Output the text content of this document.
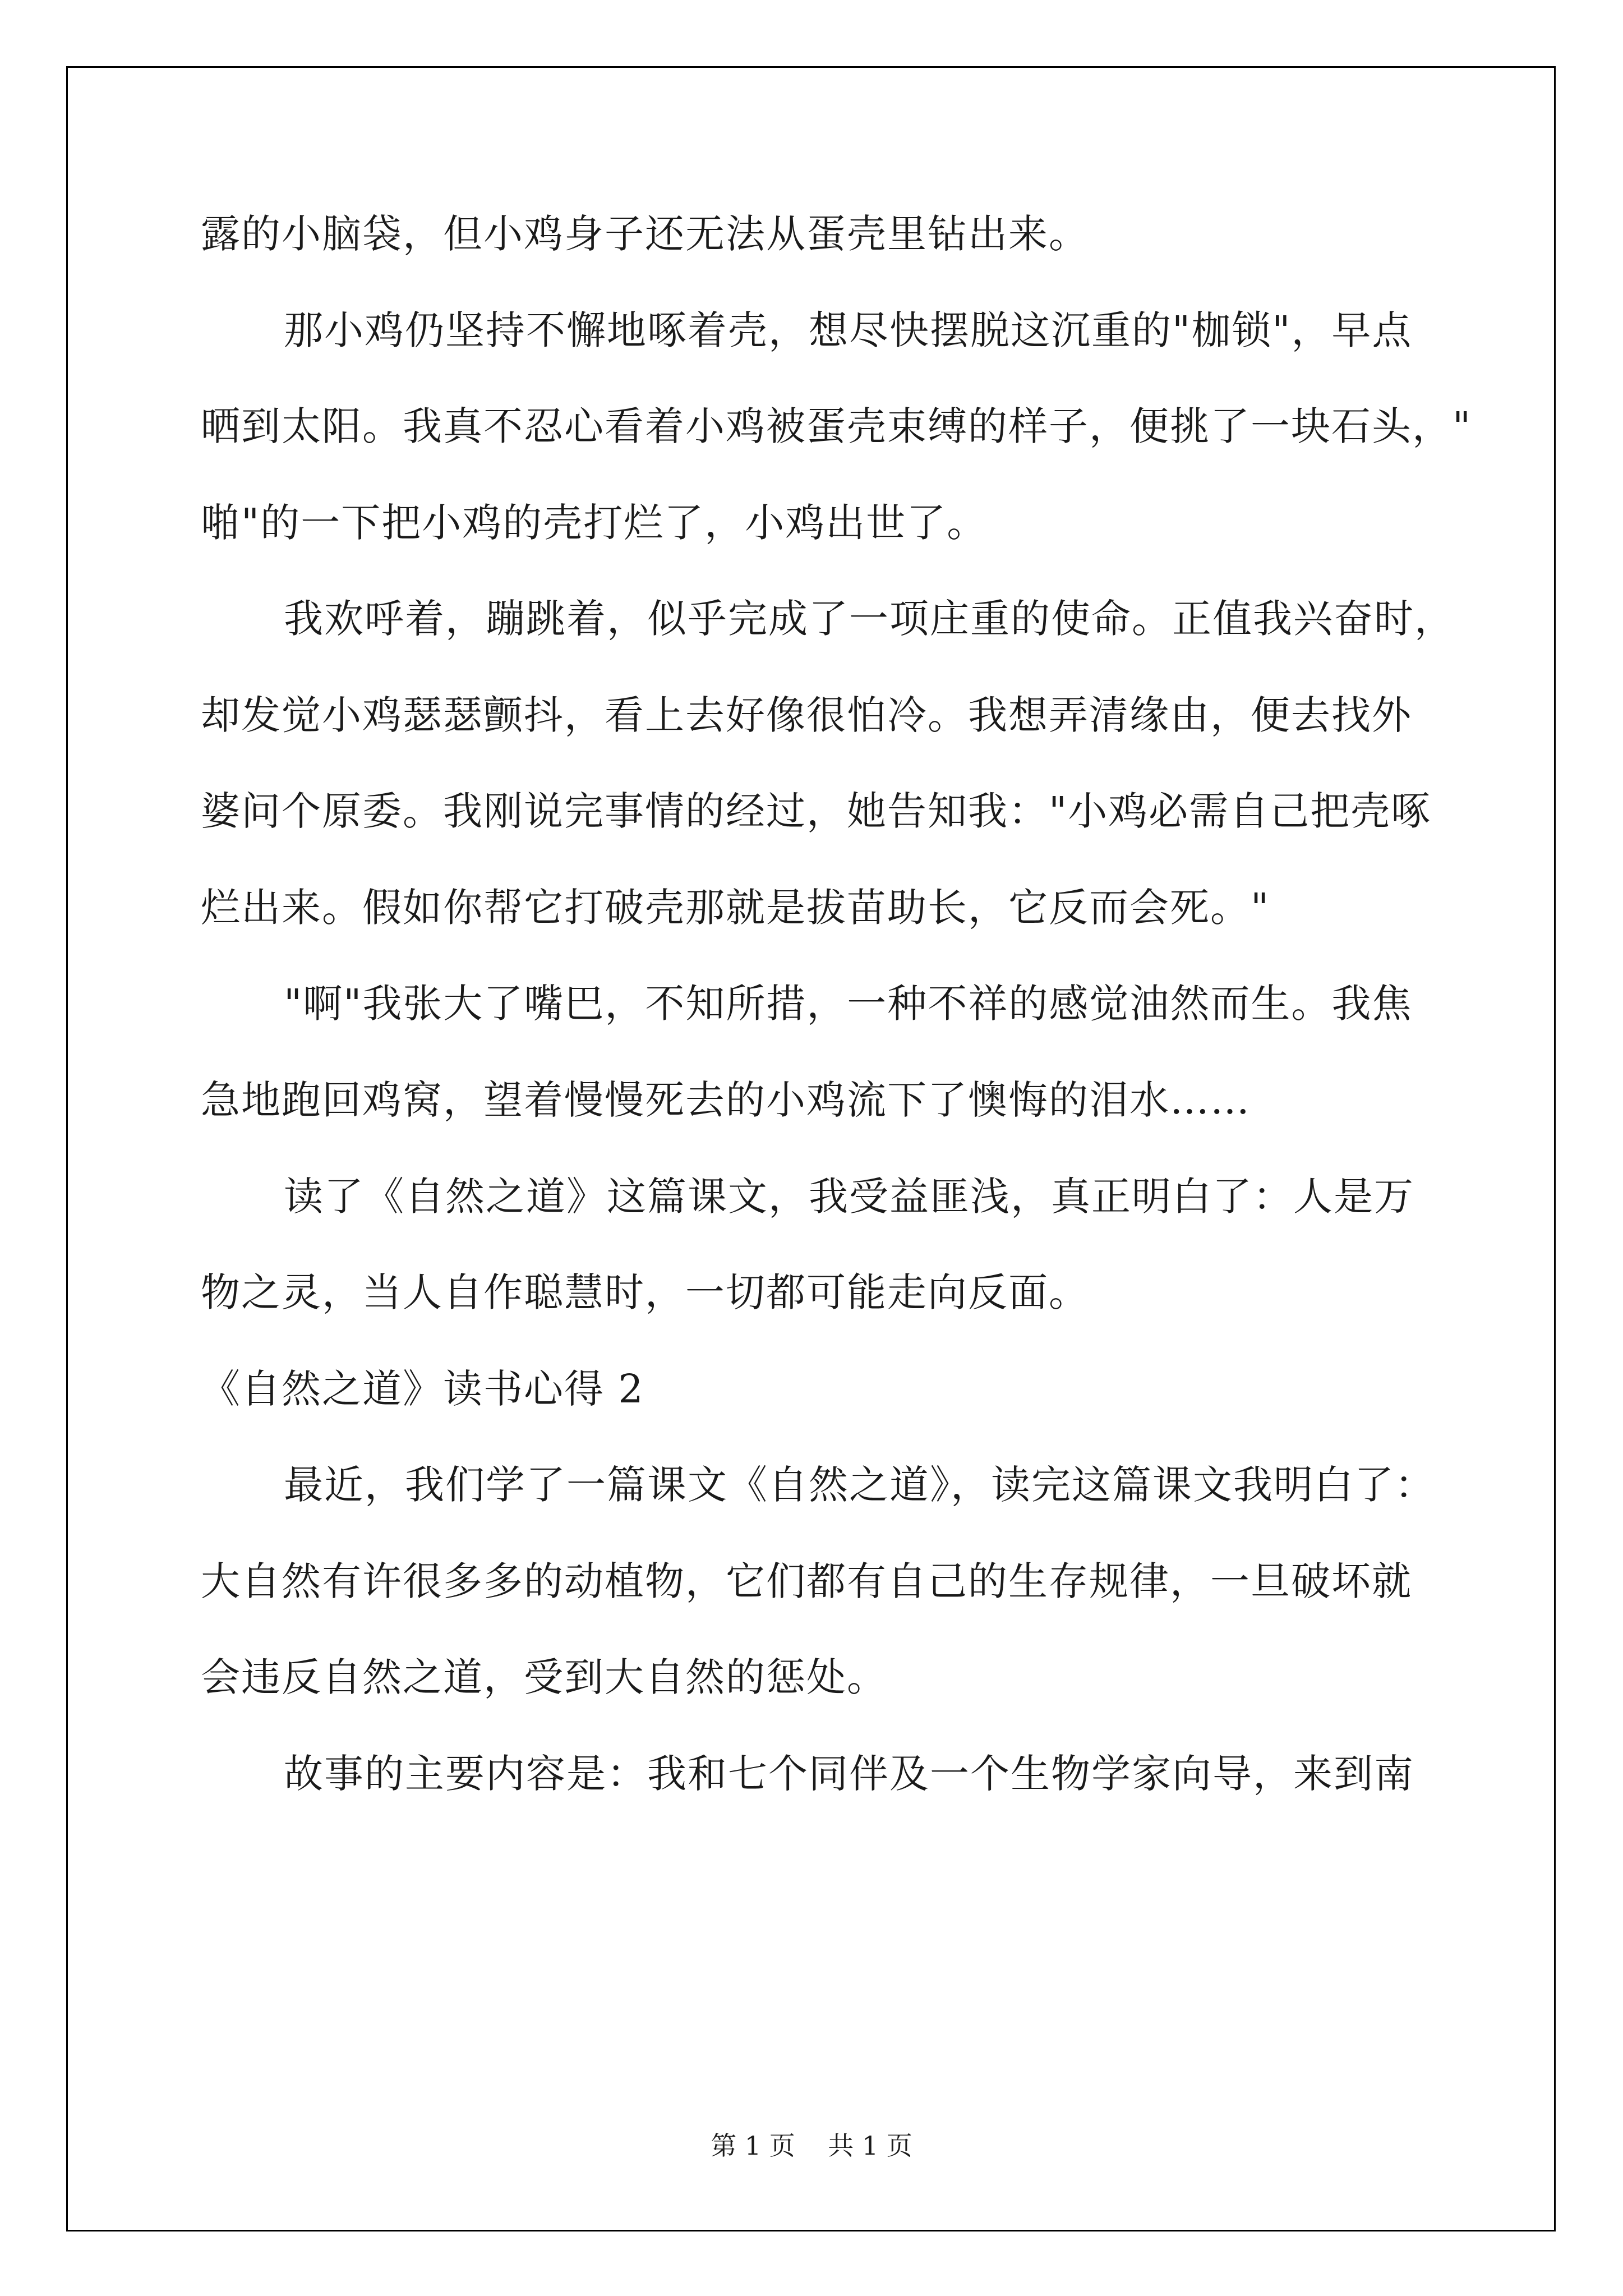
露的小脑袋，但小鸡身子还无法从蛋壳里钻出来。
那小鸡仍坚持不懈地啄着壳，想尽快摆脱这沉重的"枷锁"，早点
晒到太阳。我真不忍心看着小鸡被蛋壳束缚的样子，便挑了一块石头，"
啪"的一下把小鸡的壳打烂了，小鸡出世了。
我欢呼着，蹦跳着，似乎完成了一项庄重的使命。正值我兴奋时，
却发觉小鸡瑟瑟颤抖，看上去好像很怕冷。我想弄清缘由，便去找外
婆问个原委。我刚说完事情的经过，她告知我："小鸡必需自己把壳啄
烂出来。假如你帮它打破壳那就是拔苗助长，它反而会死。"
"啊"我张大了嘴巴，不知所措，一种不祥的感觉油然而生。我焦
急地跑回鸡窝，望着慢慢死去的小鸡流下了懊悔的泪水……
读了《自然之道》这篇课文，我受益匪浅，真正明白了：人是万
物之灵，当人自作聪慧时，一切都可能走向反面。
《自然之道》读书心得 2
最近，我们学了一篇课文《自然之道》，读完这篇课文我明白了：
大自然有许很多多的动植物，它们都有自己的生存规律，一旦破坏就
会违反自然之道，受到大自然的惩处。
故事的主要内容是：我和七个同伴及一个生物学家向导，来到南
第 1 页    共 1 页
